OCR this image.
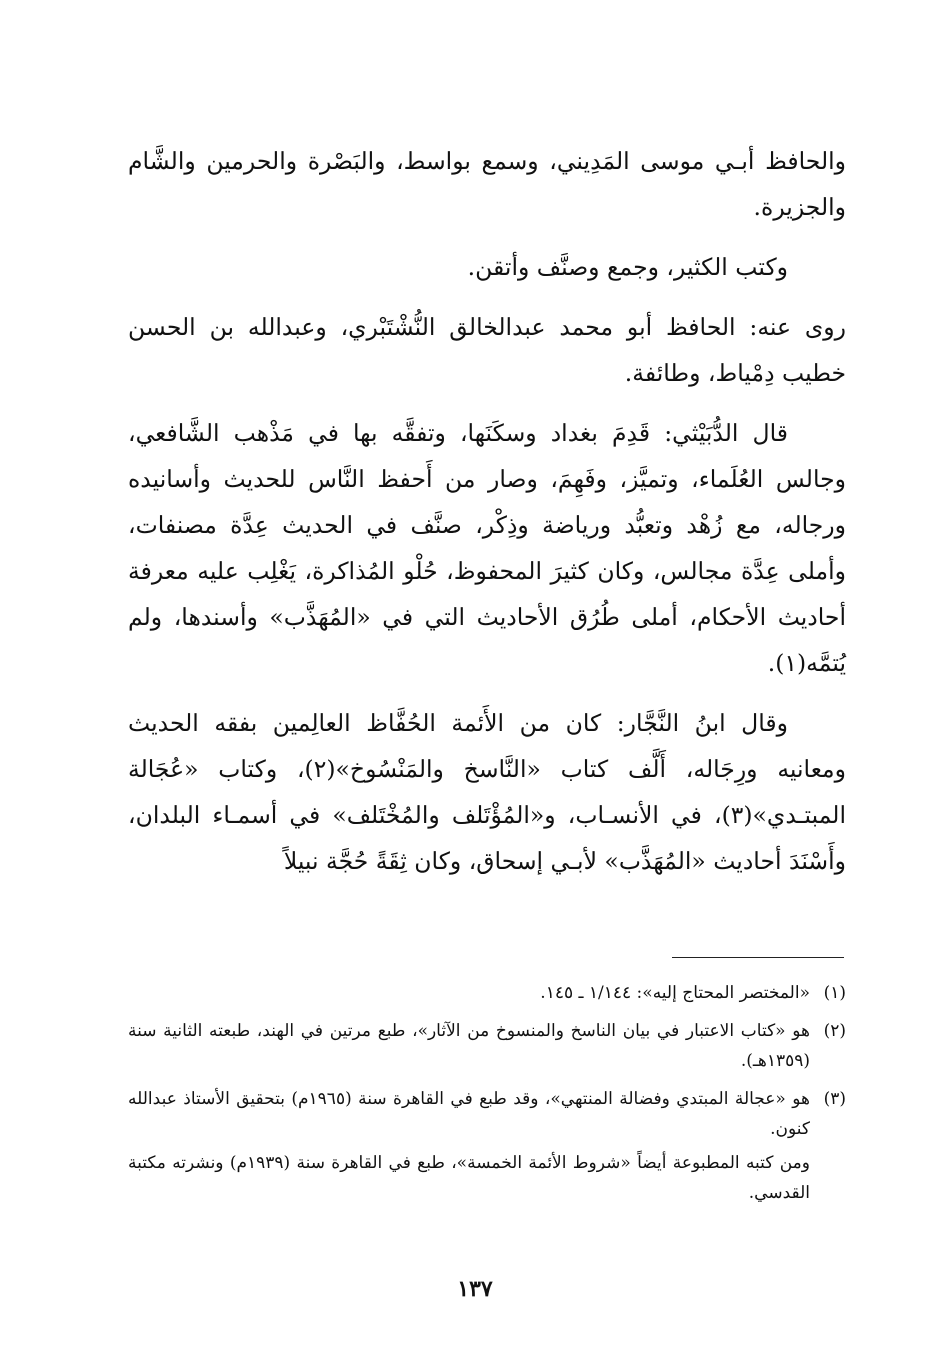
والحافظ أبـي موسى المَدِيني، وسمع بواسط، والبَصْرة والحرمين والشَّام والجزيرة.

وكتب الكثير، وجمع وصنَّف وأتقن.

روى عنه: الحافظ أبو محمد عبدالخالق النُّشْتَبْري، وعبدالله بن الحسن خطيب دِمْياط، وطائفة.

قال الدُّبَيْثي: قَدِمَ بغداد وسكَنَها، وتفقَّه بها في مَذْهب الشَّافعي، وجالس العُلَماء، وتميَّز، وفَهِمَ، وصار من أَحفظ النَّاس للحديث وأسانيده ورجاله، مع زُهْد وتعبُّد ورياضة وذِكْر، صنَّف في الحديث عِدَّة مصنفات، وأملى عِدَّة مجالس، وكان كثيرَ المحفوظ، حُلْو المُذاكرة، يَغْلِب عليه معرفة أحاديث الأحكام، أملى طُرُق الأحاديث التي في «المُهَذَّب» وأسندها، ولم يُتمَّه(١).

وقال ابنُ النَّجَّار: كان من الأَئمة الحُفَّاظ العالِمين بفقه الحديث ومعانيه ورِجَاله، أَلَّف كتاب «النَّاسخ والمَنْسُوخ»(٢)، وكتاب «عُجَالة المبتـدي»(٣)، في الأنسـاب، و«المُؤْتَلف والمُخْتَلف» في أسمـاء البلدان، وأَسْنَدَ أحاديث «المُهَذَّب» لأبـي إسحاق، وكان ثِقَةً حُجَّة نبيلاً

(١)
«المختصر المحتاج إليه»: ١/١٤٤ ـ ١٤٥.
(٢)
هو «كتاب الاعتبار في بيان الناسخ والمنسوخ من الآثار»، طبع مرتين في الهند، طبعته الثانية سنة (١٣٥٩هـ).
(٣)
هو «عجالة المبتدي وفضالة المنتهي»، وقد طبع في القاهرة سنة (١٩٦٥م) بتحقيق الأستاذ عبدالله كنون.
ومن كتبه المطبوعة أيضاً «شروط الأئمة الخمسة»، طبع في القاهرة سنة (١٩٣٩م) ونشرته مكتبة القدسي.
١٣٧
